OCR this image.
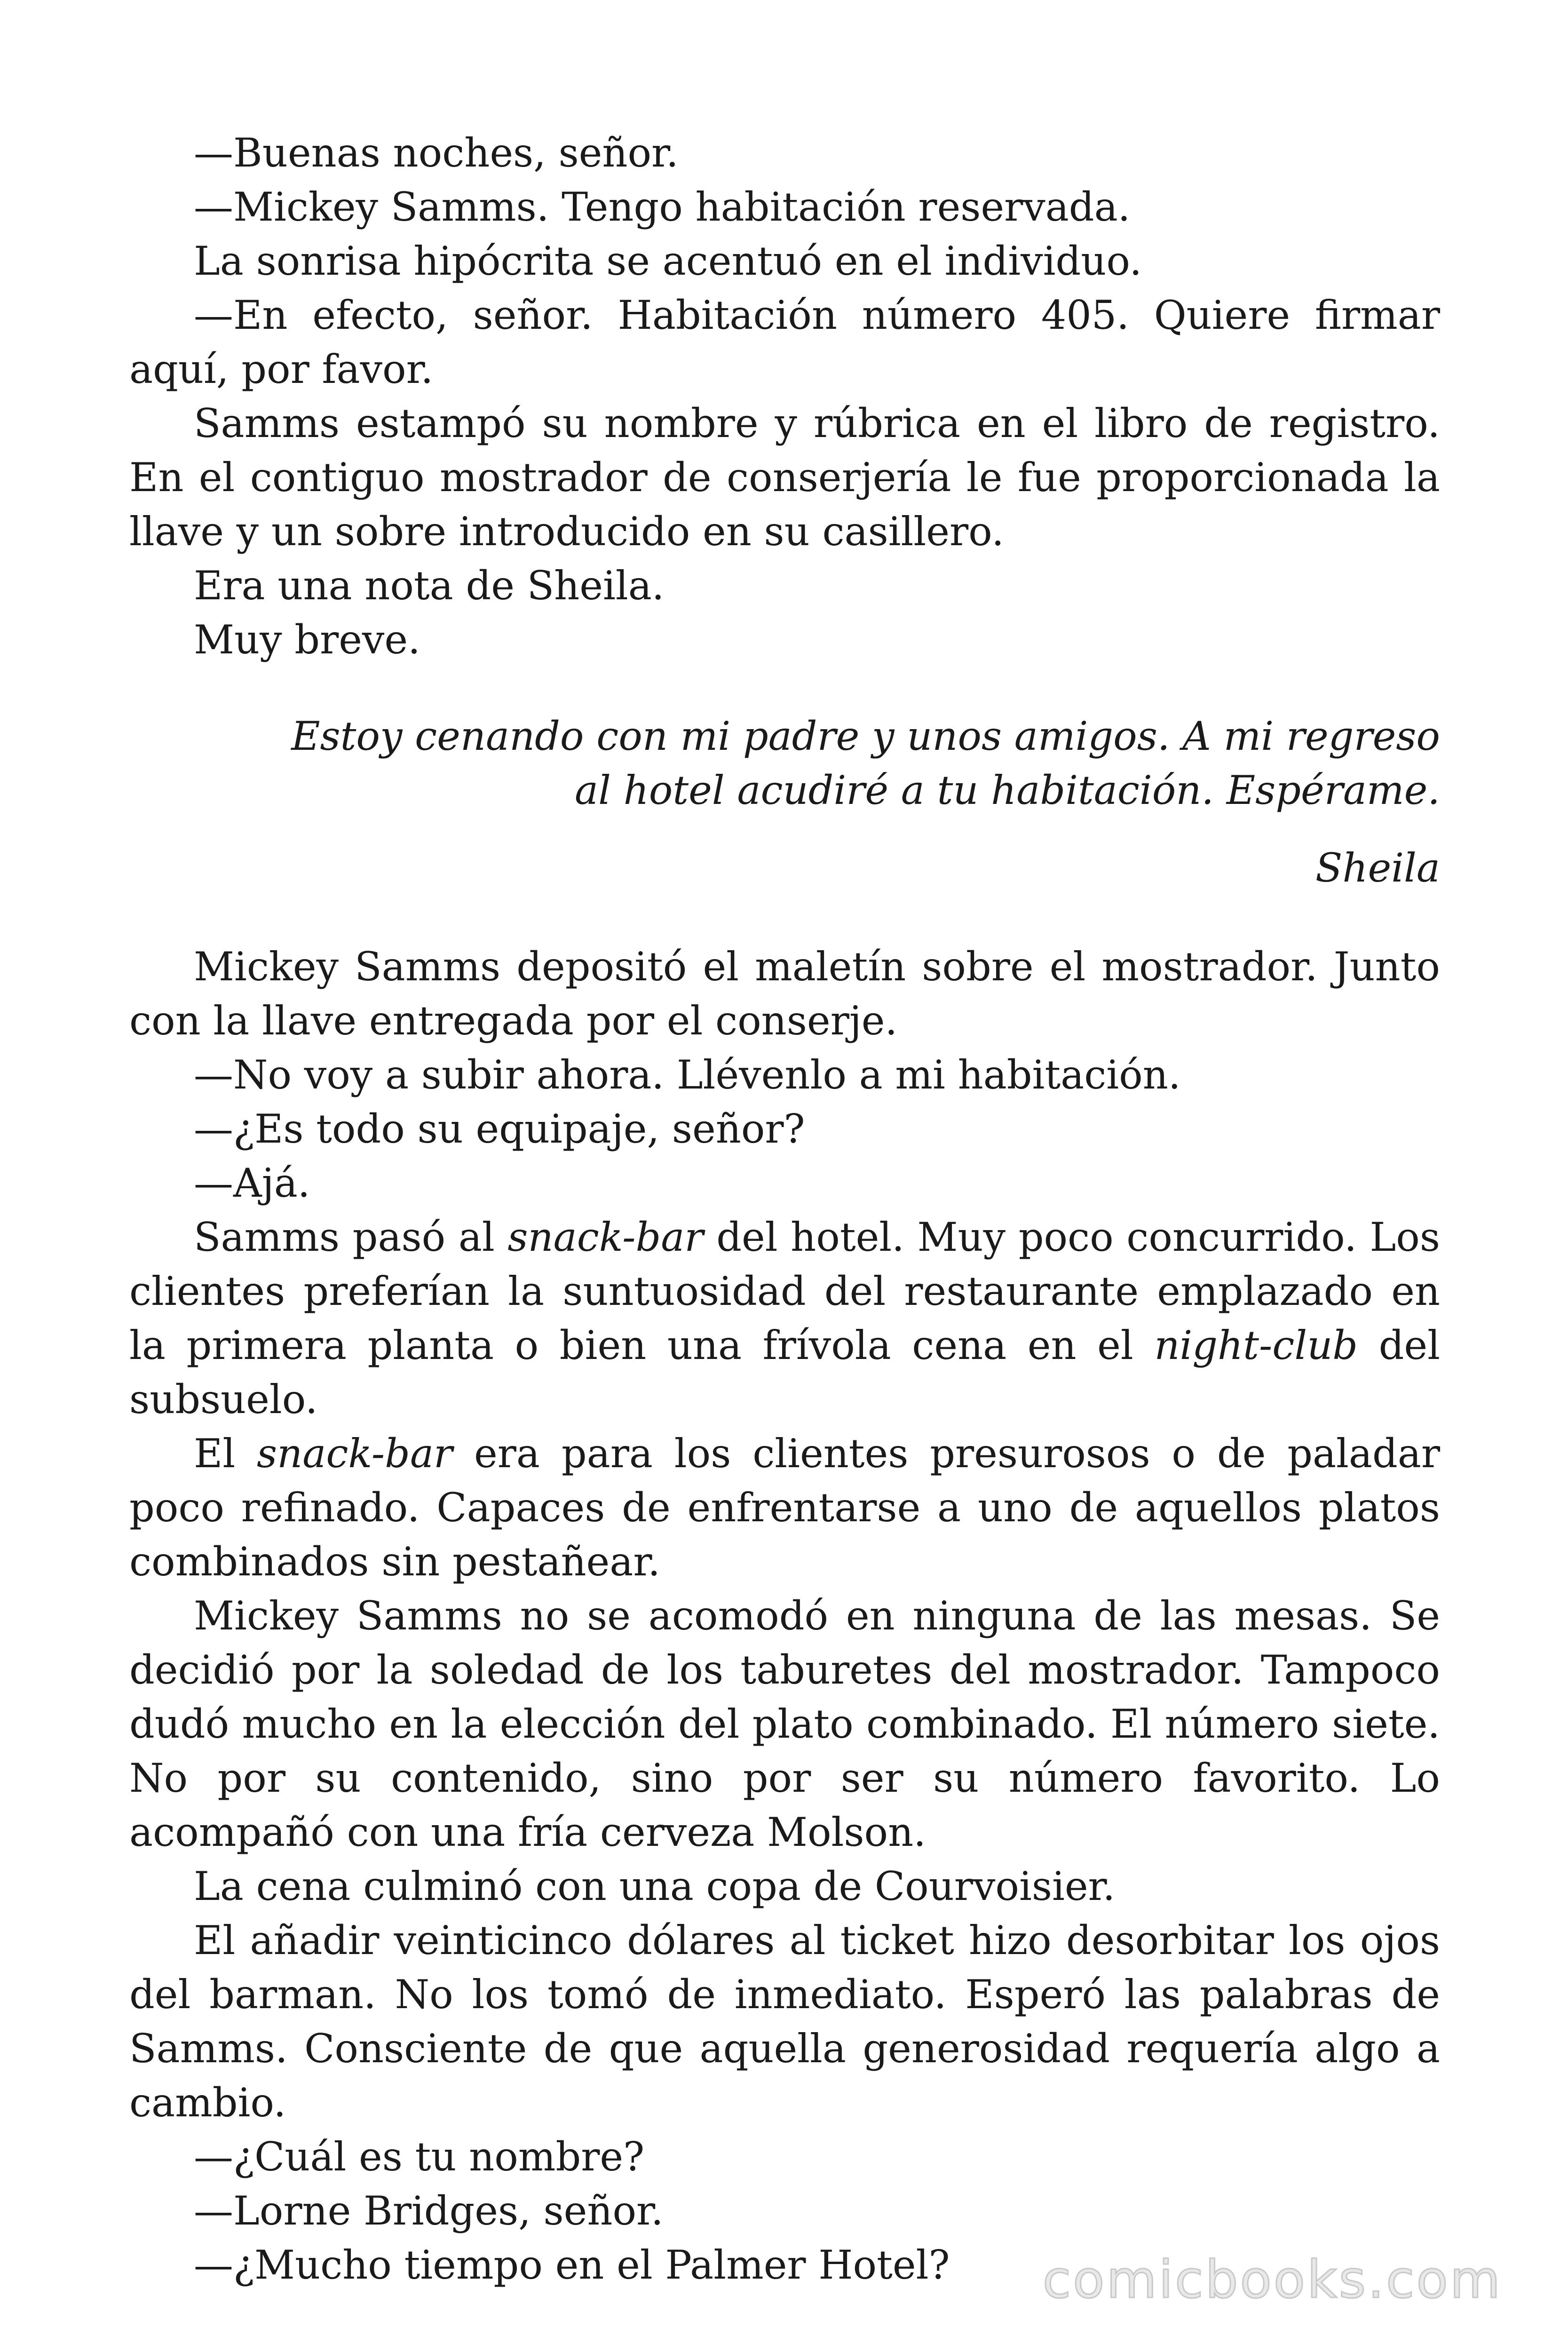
—Buenas noches, señor.

—Mickey Samms. Tengo habitación reservada.

La sonrisa hipócrita se acentuó en el individuo.

—En efecto, señor. Habitación número 405. Quiere firmar aquí, por favor.

Samms estampó su nombre y rúbrica en el libro de registro. En el contiguo mostrador de conserjería le fue proporcionada la llave y un sobre introducido en su casillero.

Era una nota de Sheila.

Muy breve.

Estoy cenando con mi padre y unos amigos. A mi regreso al hotel acudiré a tu habitación. Espérame.

Sheila

Mickey Samms depositó el maletín sobre el mostrador. Junto con la llave entregada por el conserje.

—No voy a subir ahora. Llévenlo a mi habitación.

—¿Es todo su equipaje, señor?

—Ajá.

Samms pasó al snack-bar del hotel. Muy poco concurrido. Los clientes preferían la suntuosidad del restaurante emplazado en la primera planta o bien una frívola cena en el night-club del subsuelo.

El snack-bar era para los clientes presurosos o de paladar poco refinado. Capaces de enfrentarse a uno de aquellos platos combinados sin pestañear.

Mickey Samms no se acomodó en ninguna de las mesas. Se decidió por la soledad de los taburetes del mostrador. Tampoco dudó mucho en la elección del plato combinado. El número siete. No por su contenido, sino por ser su número favorito. Lo acompañó con una fría cerveza Molson.

La cena culminó con una copa de Courvoisier.

El añadir veinticinco dólares al ticket hizo desorbitar los ojos del barman. No los tomó de inmediato. Esperó las palabras de Samms. Consciente de que aquella generosidad requería algo a cambio.

—¿Cuál es tu nombre?

—Lorne Bridges, señor.

—¿Mucho tiempo en el Palmer Hotel?	comicbooks.com
